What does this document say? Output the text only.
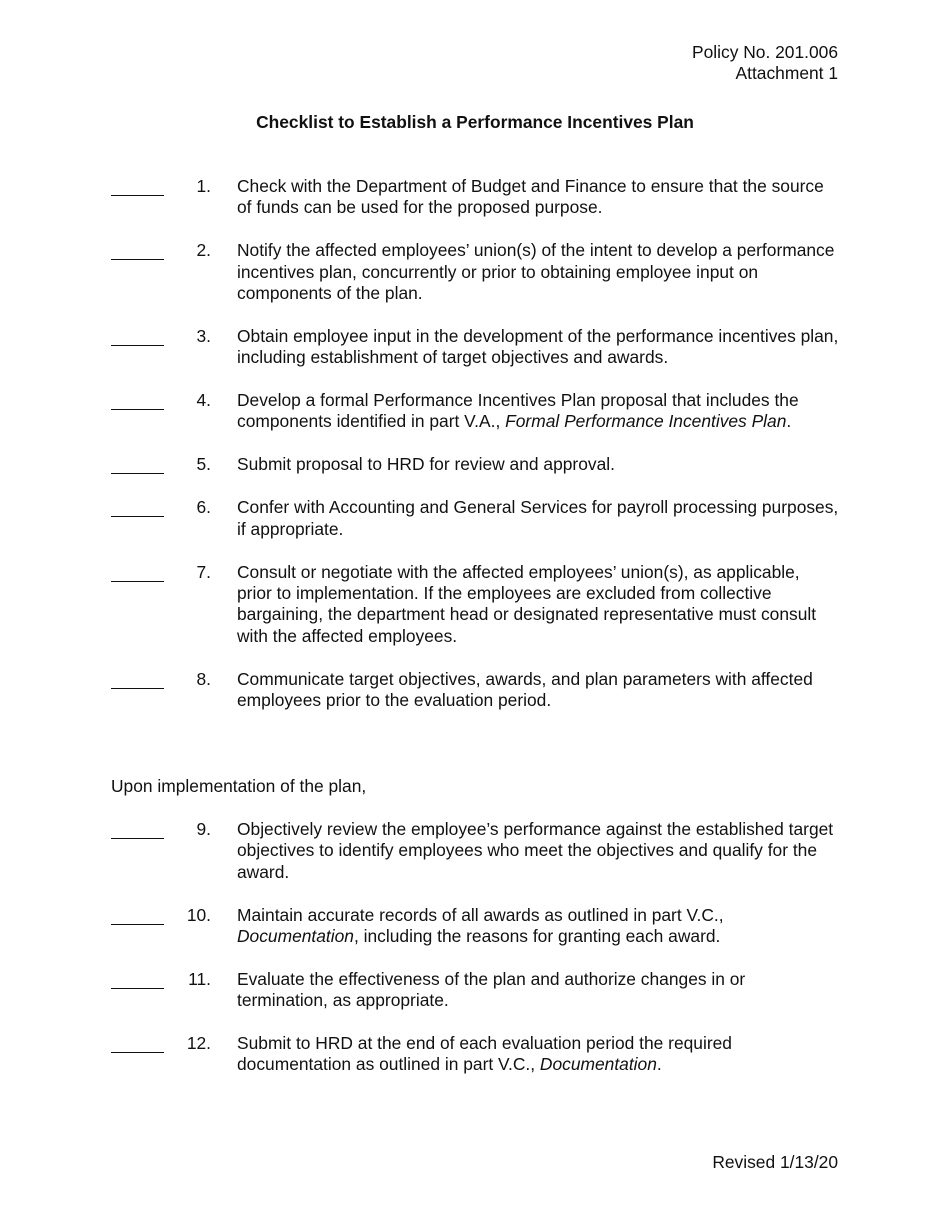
Policy No. 201.006
Attachment 1
Checklist to Establish a Performance Incentives Plan
1.	Check with the Department of Budget and Finance to ensure that the source of funds can be used for the proposed purpose.
2.	Notify the affected employees’ union(s) of the intent to develop a performance incentives plan, concurrently or prior to obtaining employee input on components of the plan.
3.	Obtain employee input in the development of the performance incentives plan, including establishment of target objectives and awards.
4.	Develop a formal Performance Incentives Plan proposal that includes the components identified in part V.A., Formal Performance Incentives Plan.
5.	Submit proposal to HRD for review and approval.
6.	Confer with Accounting and General Services for payroll processing purposes, if appropriate.
7.	Consult or negotiate with the affected employees’ union(s), as applicable, prior to implementation. If the employees are excluded from collective bargaining, the department head or designated representative must consult with the affected employees.
8.	Communicate target objectives, awards, and plan parameters with affected employees prior to the evaluation period.
Upon implementation of the plan,
9.	Objectively review the employee’s performance against the established target objectives to identify employees who meet the objectives and qualify for the award.
10.	Maintain accurate records of all awards as outlined in part V.C., Documentation, including the reasons for granting each award.
11.	Evaluate the effectiveness of the plan and authorize changes in or termination, as appropriate.
12.	Submit to HRD at the end of each evaluation period the required documentation as outlined in part V.C., Documentation.
Revised 1/13/20
